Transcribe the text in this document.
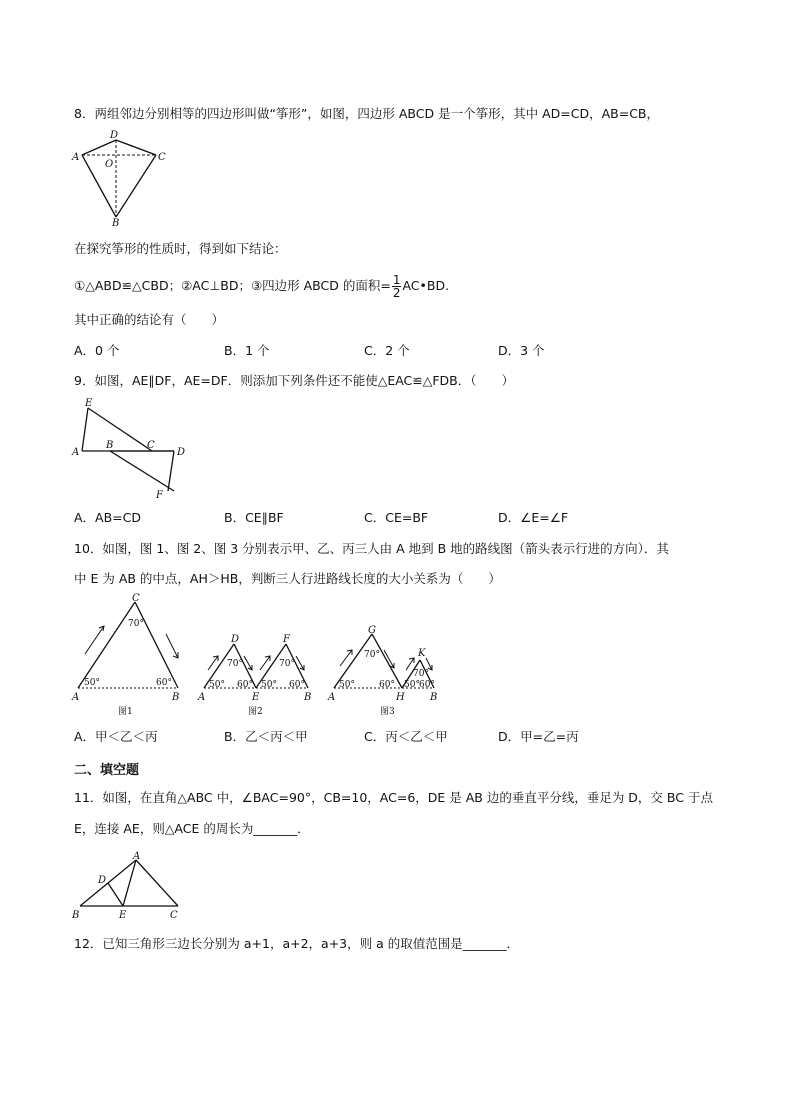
8．两组邻边分别相等的四边形叫做“筝形”，如图，四边形 ABCD 是一个筝形，其中 AD=CD，AB=CB，
D
A
O
C
B
在探究筝形的性质时，得到如下结论：
①△ABD≌△CBD；②AC⊥BD；③四边形 ABCD 的面积= $\frac{1}{2}$ AC•BD.
其中正确的结论有（　　）
A．0 个	B．1 个	C．2 个	D．3 个
9．如图，AE∥DF，AE=DF．则添加下列条件还不能使△EAC≌△FDB．（　　）
E
A
B	C
D
F
A．AB=CD	B．CE∥BF	C．CE=BF	D．∠E=∠F
10．如图，图 1、图 2、图 3 分别表示甲、乙、丙三人由 A 地到 B 地的路线图（箭头表示行进的方向）．其
中 E 为 AB 的中点，AH＞HB，判断三人行进路线长度的大小关系为（　　）
C
70°
50°	60°
A	B
图1
D	F
70°	70°
50° 60° 50° 60°
A	E	B
图2
G
K
70°
70°
50°	60° 50° 60°
A	H	B
图3
A．甲＜乙＜丙	B．乙＜丙＜甲	C．丙＜乙＜甲	D．甲=乙=丙
二、填空题
11．如图，在直角△ABC 中，∠BAC=90°，CB=10，AC=6，DE 是 AB 边的垂直平分线，垂足为 D，交 BC 于点
E，连接 AE，则△ACE 的周长为_______．
A
D
B	E	C
12．已知三角形三边长分别为 a+1，a+2，a+3，则 a 的取值范围是_______．
